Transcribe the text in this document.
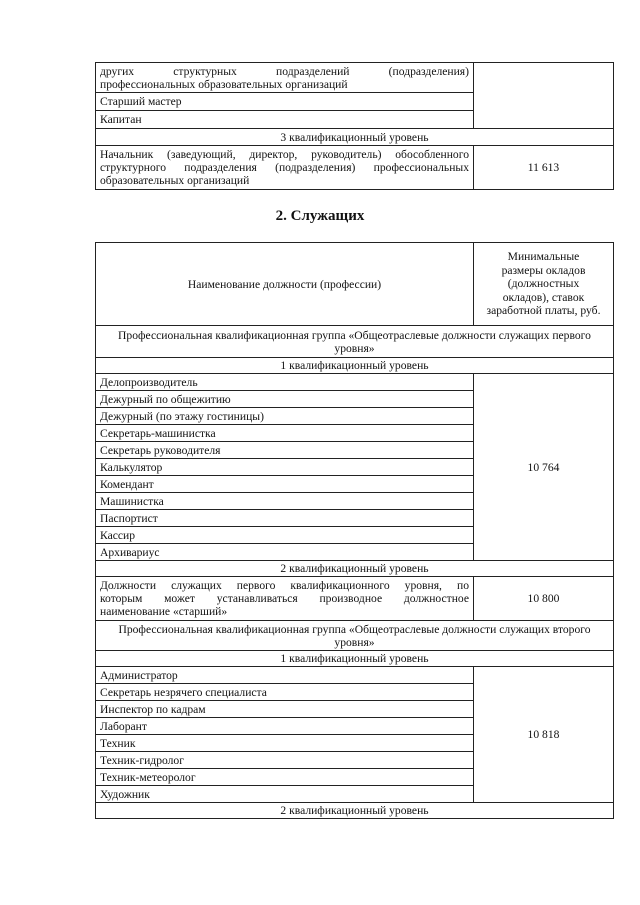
других структурных подразделений (подразделения)
профессиональных образовательных организаций	

Старший мастер	
Капитан	
3 квалификационный уровень	

Начальник (заведующий, директор, руководитель) обособленного
структурного подразделения (подразделения) профессиональных
образовательных организаций	11 613
2. Служащих
Наименование должности (профессии)	Минимальные
размеры окладов
(должностных
окладов), ставок
заработной платы, руб.

Профессиональная квалификационная группа «Общеотраслевые должности служащих первого уровня»	
1 квалификационный уровень	
Делопроизводитель	10 764
Дежурный по общежитию	
Дежурный (по этажу гостиницы)	
Секретарь-машинистка	
Секретарь руководителя	
Калькулятор	
Комендант	
Машинистка	
Паспортист	
Кассир	
Архивариус	
2 квалификационный уровень	

Должности служащих первого квалификационного уровня, по
которым может устанавливаться производное должностное
наименование «старший»	10 800
Профессиональная квалификационная группа «Общеотраслевые должности служащих второго уровня»	
1 квалификационный уровень	
Администратор	10 818
Секретарь незрячего специалиста	
Инспектор по кадрам	
Лаборант	
Техник	
Техник-гидролог	
Техник-метеоролог	
Художник	
2 квалификационный уровень	
